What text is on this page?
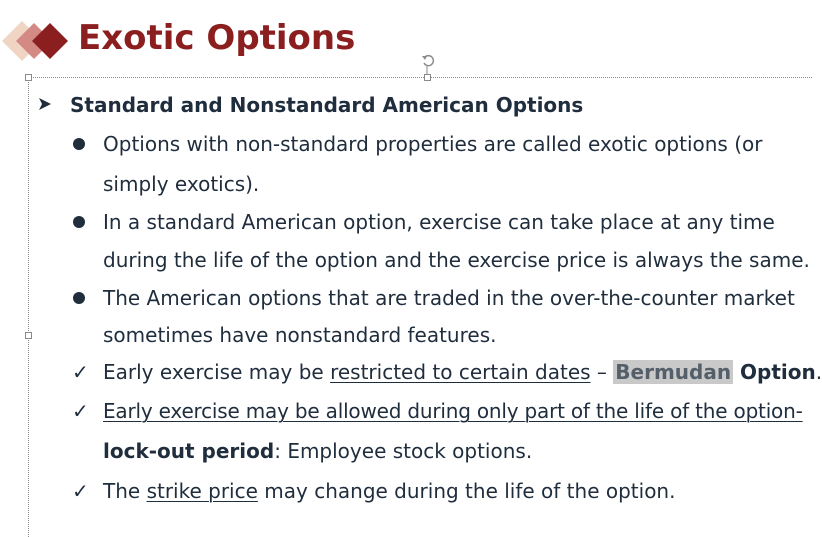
Exotic Options
Standard and Nonstandard American Options
Options with non-standard properties are called exotic options (or
simply exotics).
In a standard American option, exercise can take place at any time
during the life of the option and the exercise price is always the same.
The American options that are traded in the over-the-counter market
sometimes have nonstandard features.
✓ Early exercise may be restricted to certain dates – Bermudan Option.
✓ Early exercise may be allowed during only part of the life of the option-
lock-out period: Employee stock options.
✓ The strike price may change during the life of the option.
